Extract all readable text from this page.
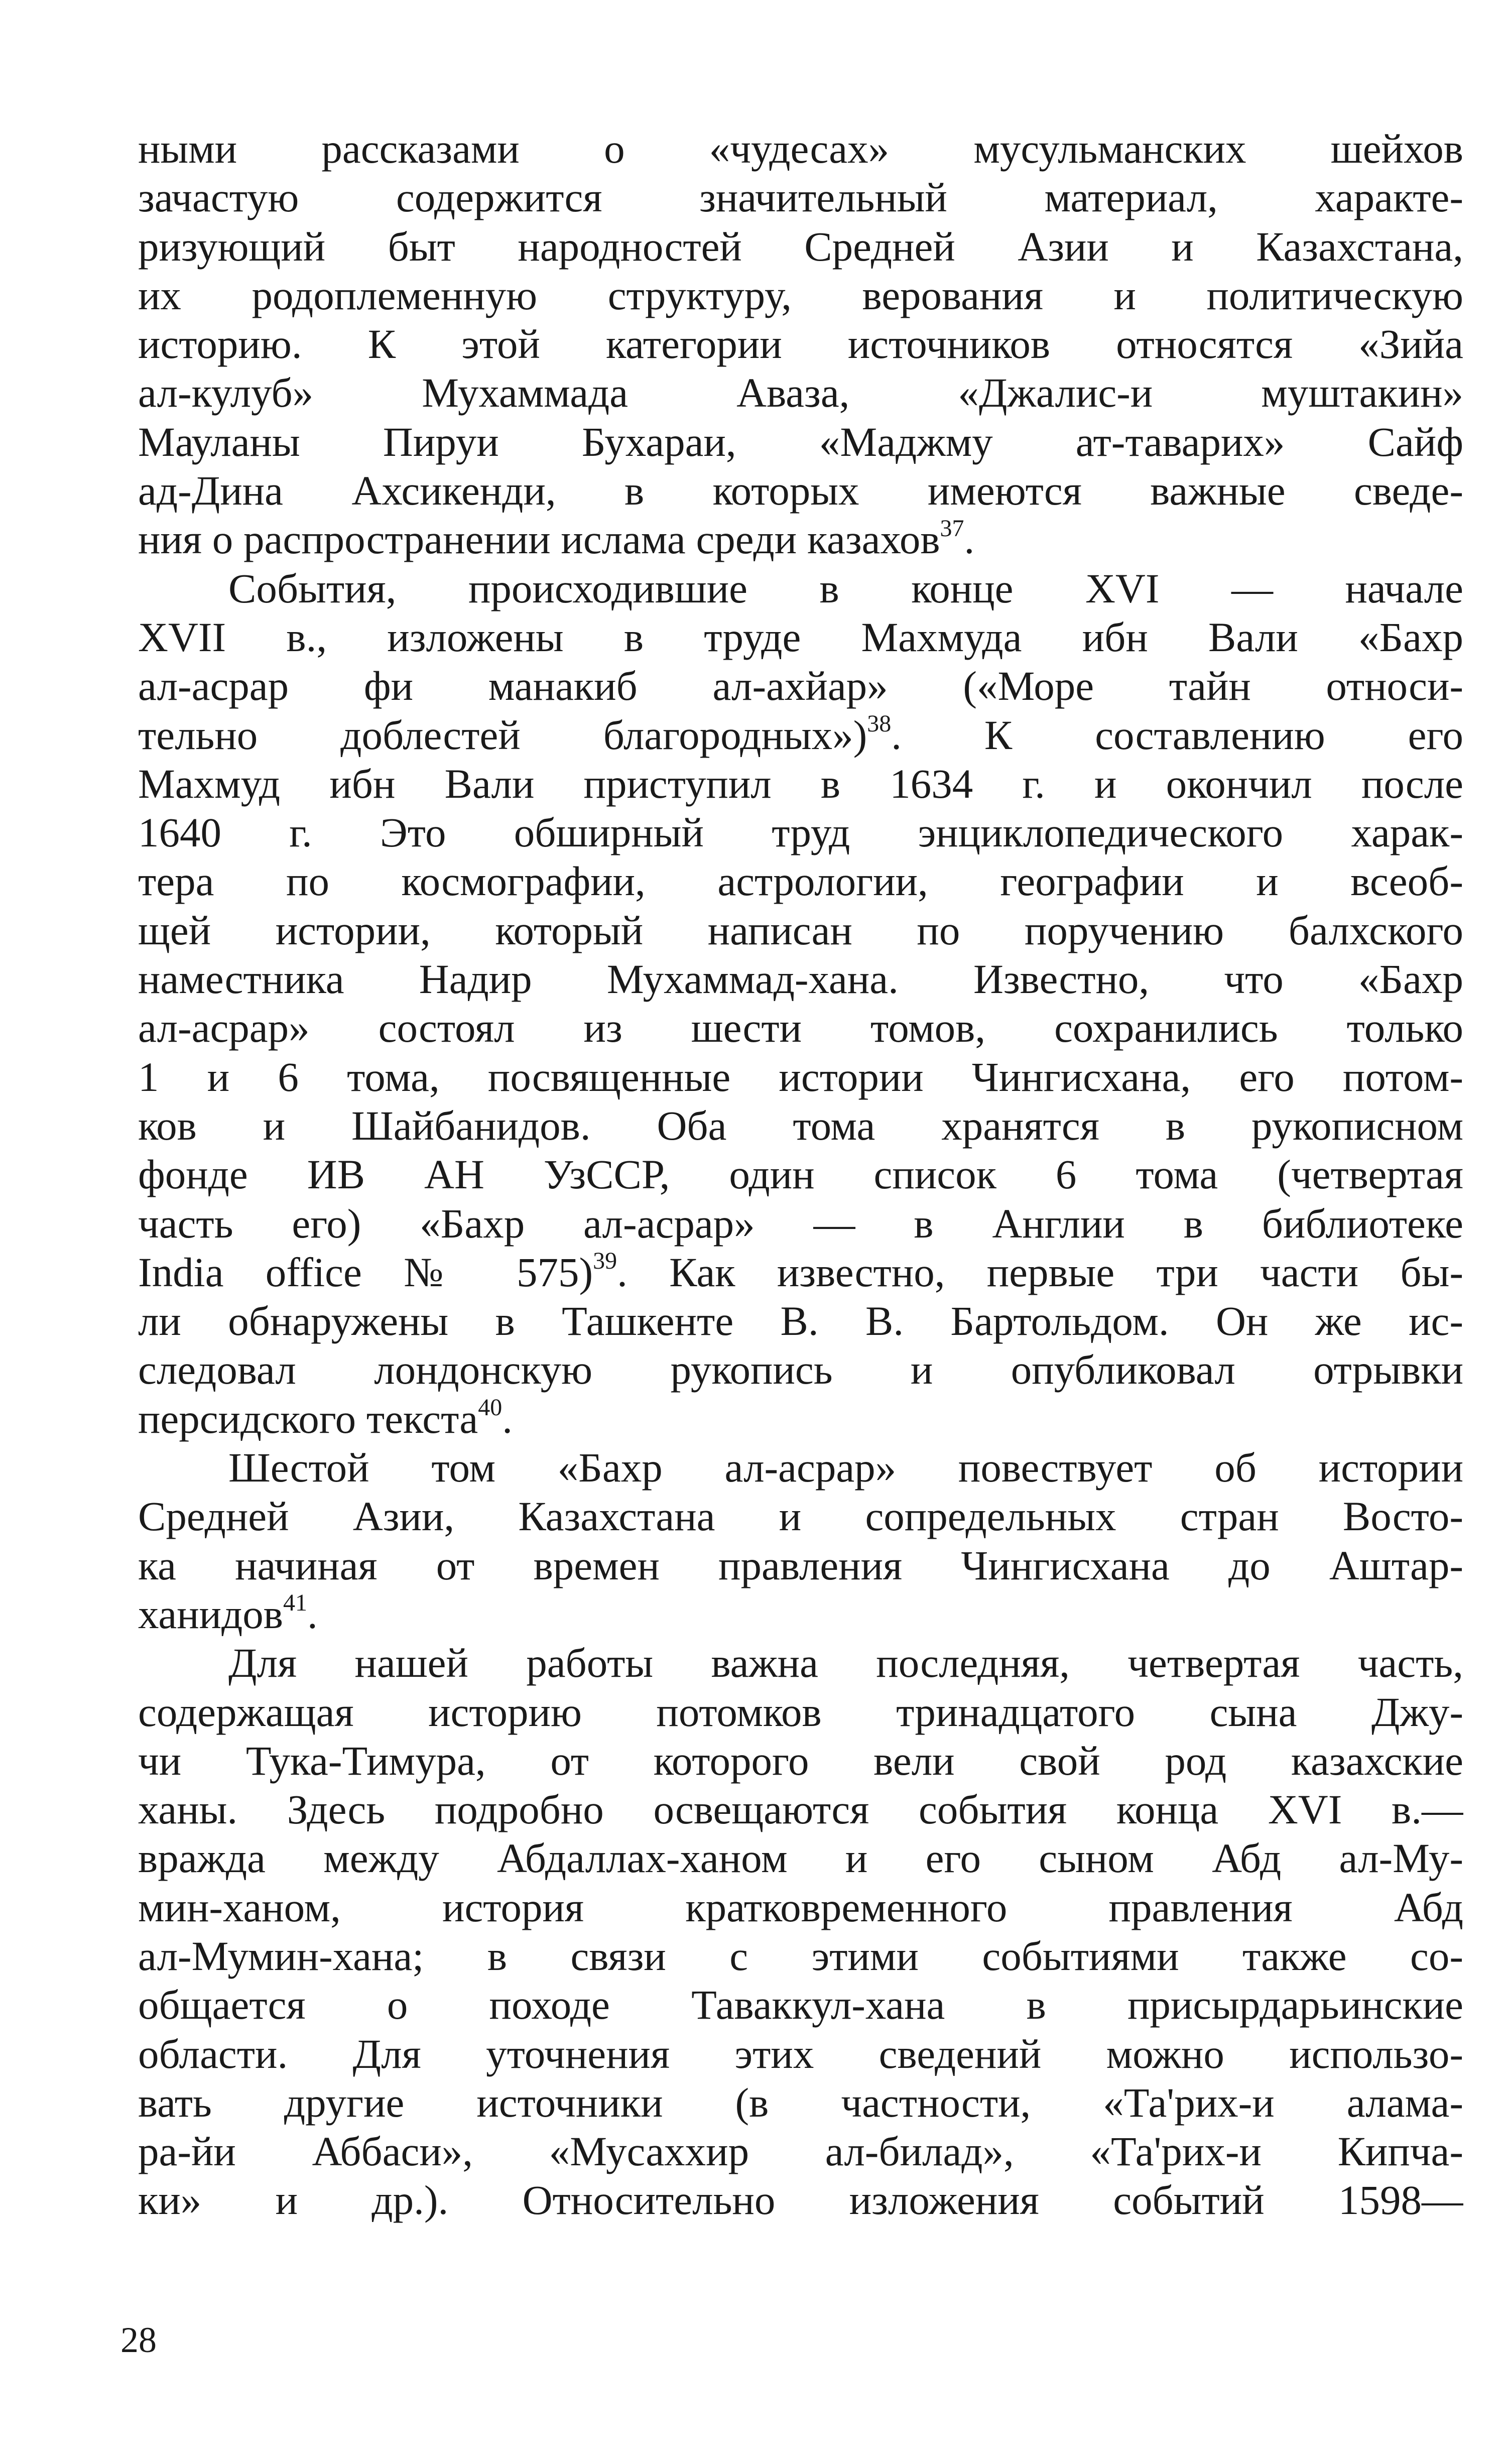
ными рассказами о «чудесах» мусульманских шейхов
зачастую содержится значительный материал, характе-
ризующий быт народностей Средней Азии и Казахстана,
их родоплеменную структуру, верования и политическую
историю. К этой категории источников относятся «Зийа
ал-кулуб» Мухаммада Аваза, «Джалис-и муштакин»
Мауланы Пируи Бухараи, «Маджму ат-таварих» Сайф
ад-Дина Ахсикенди, в которых имеются важные сведе-
ния о распространении ислама среди казахов$^{37}$.
События, происходившие в конце XVI — начале
XVII в., изложены в труде Махмуда ибн Вали «Бахр
ал-асрар фи манакиб ал-ахйар» («Море тайн относи-
тельно доблестей благородных»)$^{38}$. К составлению его
Махмуд ибн Вали приступил в 1634 г. и окончил после
1640 г. Это обширный труд энциклопедического харак-
тера по космографии, астрологии, географии и всеоб-
щей истории, который написан по поручению балхского
наместника Надир Мухаммад-хана. Известно, что «Бахр
ал-асрар» состоял из шести томов, сохранились только
1 и 6 тома, посвященные истории Чингисхана, его потом-
ков и Шайбанидов. Оба тома хранятся в рукописном
фонде ИВ АН УзССР, один список 6 тома (четвертая
часть его) «Бахр ал-асрар» — в Англии в библиотеке
India office № 575)$^{39}$. Как известно, первые три части бы-
ли обнаружены в Ташкенте В. В. Бартольдом. Он же ис-
следовал лондонскую рукопись и опубликовал отрывки
персидского текста$^{40}$.
Шестой том «Бахр ал-асрар» повествует об истории
Средней Азии, Казахстана и сопредельных стран Восто-
ка начиная от времен правления Чингисхана до Аштар-
ханидов$^{41}$.
Для нашей работы важна последняя, четвертая часть,
содержащая историю потомков тринадцатого сына Джу-
чи Тука-Тимура, от которого вели свой род казахские
ханы. Здесь подробно освещаются события конца XVI в.—
вражда между Абдаллах-ханом и его сыном Абд ал-Му-
мин-ханом, история кратковременного правления Абд
ал-Мумин-хана; в связи с этими событиями также со-
общается о походе Таваккул-хана в присырдарьинские
области. Для уточнения этих сведений можно использо-
вать другие источники (в частности, «Та'рих-и алама-
ра-йи Аббаси», «Мусаххир ал-билад», «Та'рих-и Кипча-
ки» и др.). Относительно изложения событий 1598—
28
